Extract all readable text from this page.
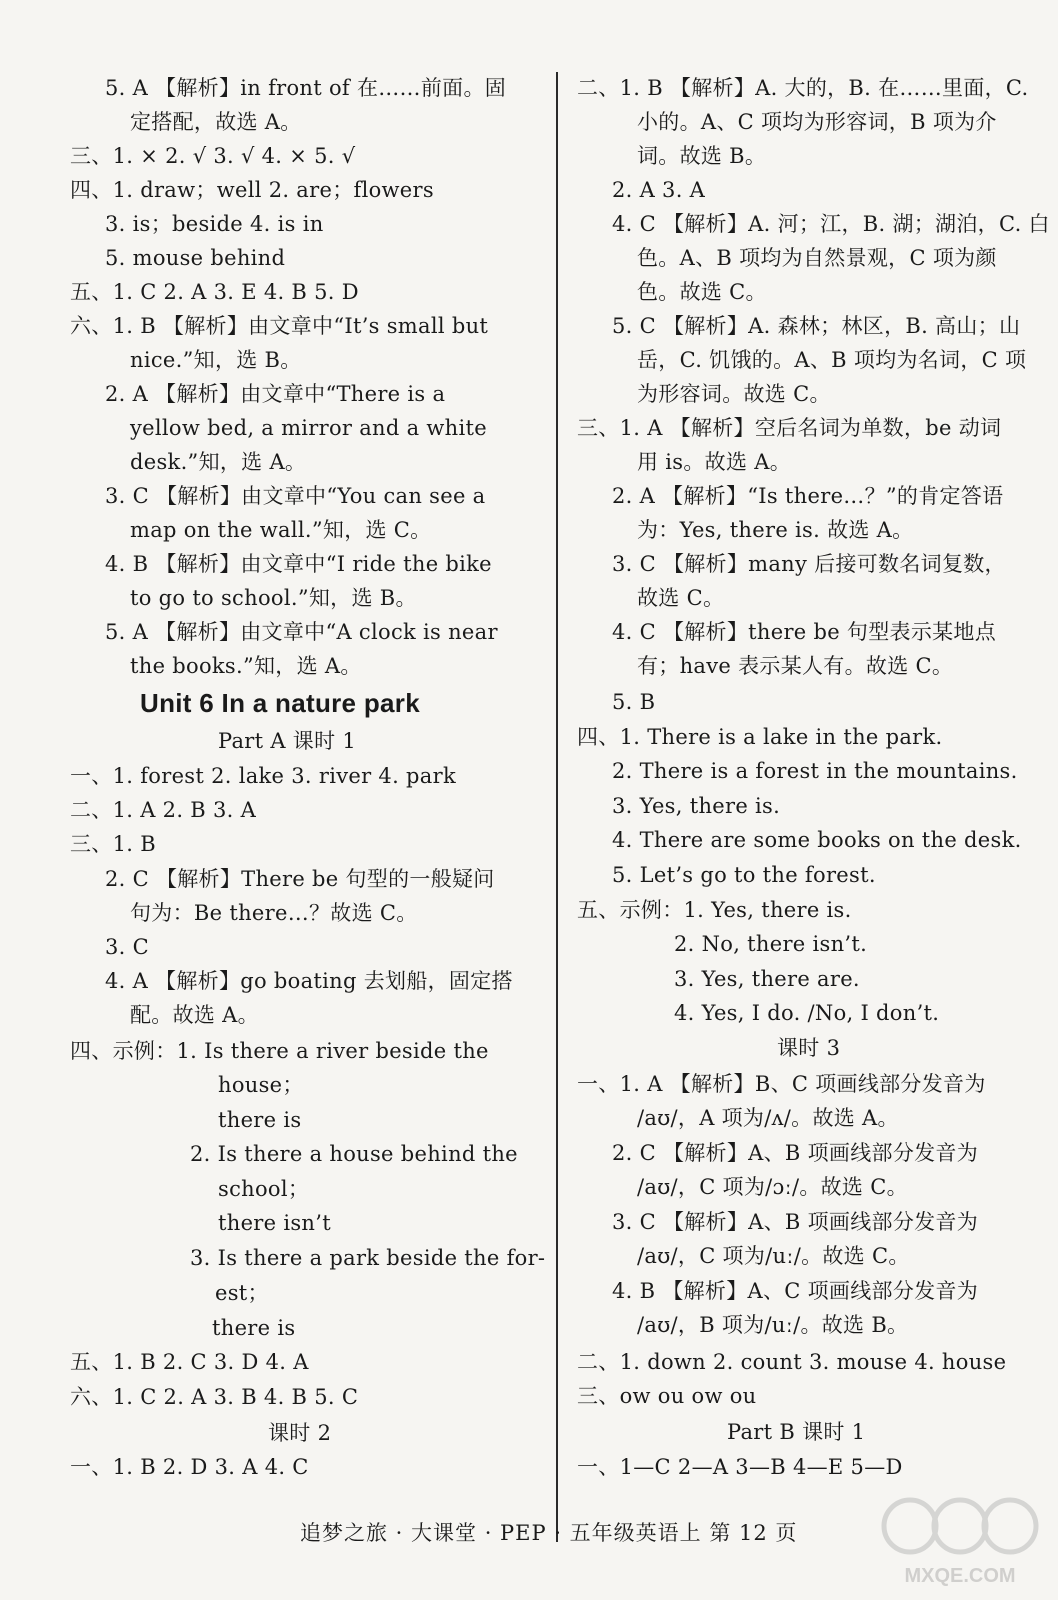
5. A 【解析】in front of 在……前面。固
定搭配，故选 A。
三、1. × 2. √ 3. √ 4. × 5. √
四、1. draw；well 2. are；flowers
3. is；beside 4. is in
5. mouse behind
五、1. C 2. A 3. E 4. B 5. D
六、1. B 【解析】由文章中“It’s small but
nice.”知，选 B。
2. A 【解析】由文章中“There is a
yellow bed, a mirror and a white
desk.”知，选 A。
3. C 【解析】由文章中“You can see a
map on the wall.”知，选 C。
4. B 【解析】由文章中“I ride the bike
to go to school.”知，选 B。
5. A 【解析】由文章中“A clock is near
the books.”知，选 A。
Unit 6 In a nature park
Part A 课时 1
一、1. forest 2. lake 3. river 4. park
二、1. A 2. B 3. A
三、1. B
2. C 【解析】There be 句型的一般疑问
句为：Be there…？故选 C。
3. C
4. A 【解析】go boating 去划船，固定搭
配。故选 A。
四、示例：1. Is there a river beside the
house；
there is
2. Is there a house behind the
school；
there isn’t
3. Is there a park beside the for-
est；
there is
五、1. B 2. C 3. D 4. A
六、1. C 2. A 3. B 4. B 5. C
课时 2
一、1. B 2. D 3. A 4. C
二、1. B 【解析】A. 大的，B. 在……里面，C.
小的。A、C 项均为形容词，B 项为介
词。故选 B。
2. A 3. A
4. C 【解析】A. 河；江，B. 湖；湖泊，C. 白
色。A、B 项均为自然景观，C 项为颜
色。故选 C。
5. C 【解析】A. 森林；林区，B. 高山；山
岳，C. 饥饿的。A、B 项均为名词，C 项
为形容词。故选 C。
三、1. A 【解析】空后名词为单数，be 动词
用 is。故选 A。
2. A 【解析】“Is there…？”的肯定答语
为：Yes, there is. 故选 A。
3. C 【解析】many 后接可数名词复数，
故选 C。
4. C 【解析】there be 句型表示某地点
有；have 表示某人有。故选 C。
5. B
四、1. There is a lake in the park.
2. There is a forest in the mountains.
3. Yes, there is.
4. There are some books on the desk.
5. Let’s go to the forest.
五、示例：1. Yes, there is.
2. No, there isn’t.
3. Yes, there are.
4. Yes, I do. /No, I don’t.
课时 3
一、1. A 【解析】B、C 项画线部分发音为
/aʊ/，A 项为/ʌ/。故选 A。
2. C 【解析】A、B 项画线部分发音为
/aʊ/，C 项为/ɔː/。故选 C。
3. C 【解析】A、B 项画线部分发音为
/aʊ/，C 项为/uː/。故选 C。
4. B 【解析】A、C 项画线部分发音为
/aʊ/，B 项为/uː/。故选 B。
二、1. down 2. count 3. mouse 4. house
三、ow ou ow ou
Part B 课时 1
一、1—C 2—A 3—B 4—E 5—D
追梦之旅 · 大课堂 · PEP · 五年级英语上 第 12 页
MXQE.COM
